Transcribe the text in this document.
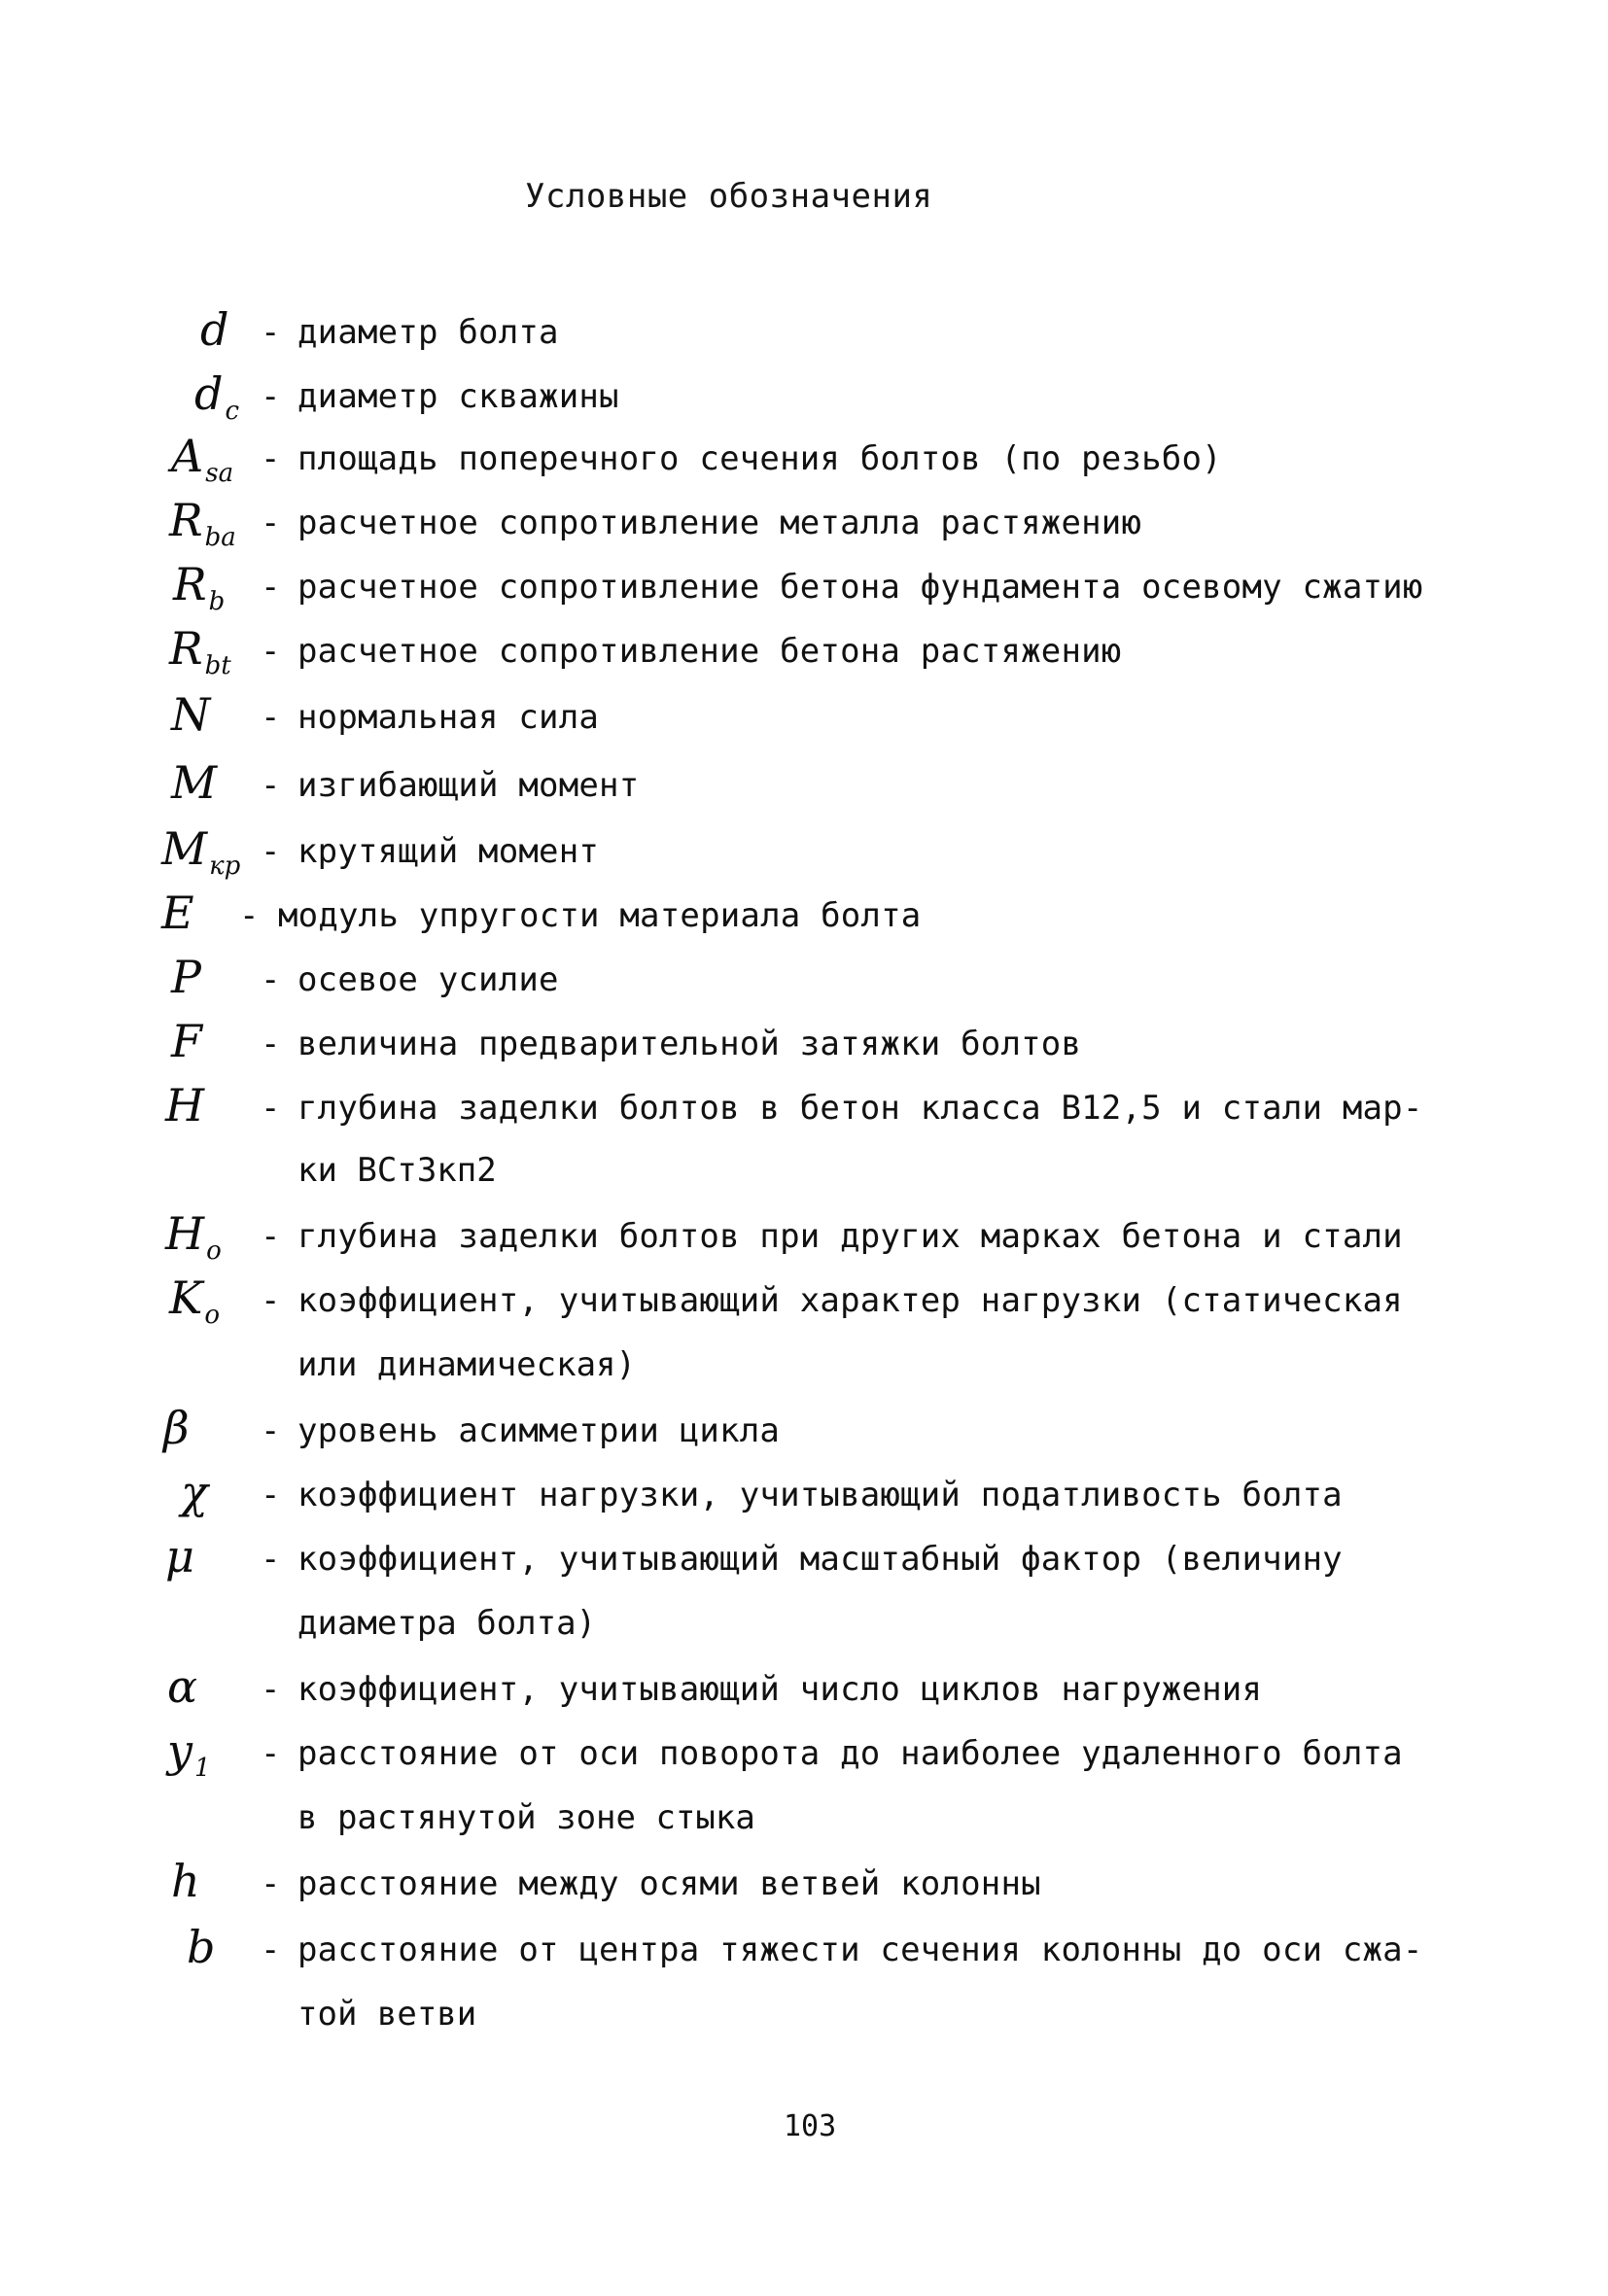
Условные обозначения
d - диаметр болта
$d_c$ - диаметр скважины
$A_{sa}$ - площадь поперечного сечения болтов (по резьбо)
$R_{ba}$ - расчетное сопротивление металла растяжению
$R_b$ - расчетное сопротивление бетона фундамента осевому сжатию
$R_{bt}$ - расчетное сопротивление бетона растяжению
N - нормальная сила
M - изгибающий момент
$M_{кр}$ - крутящий момент
E - модуль упругости материала болта
P - осевое усилие
F - величина предварительной затяжки болтов
H - глубина заделки болтов в бетон класса В12,5 и стали мар-
ки ВСт3кп2
$H_o$ - глубина заделки болтов при других марках бетона и стали
$K_o$ - коэффициент, учитывающий характер нагрузки (статическая
или динамическая)
β - уровень асимметрии цикла
χ - коэффициент нагрузки, учитывающий податливость болта
μ - коэффициент, учитывающий масштабный фактор (величину
диаметра болта)
α - коэффициент, учитывающий число циклов нагружения
$y_1$ - расстояние от оси поворота до наиболее удаленного болта
в растянутой зоне стыка
h - расстояние между осями ветвей колонны
b - расстояние от центра тяжести сечения колонны до оси сжа-
той ветви
103
